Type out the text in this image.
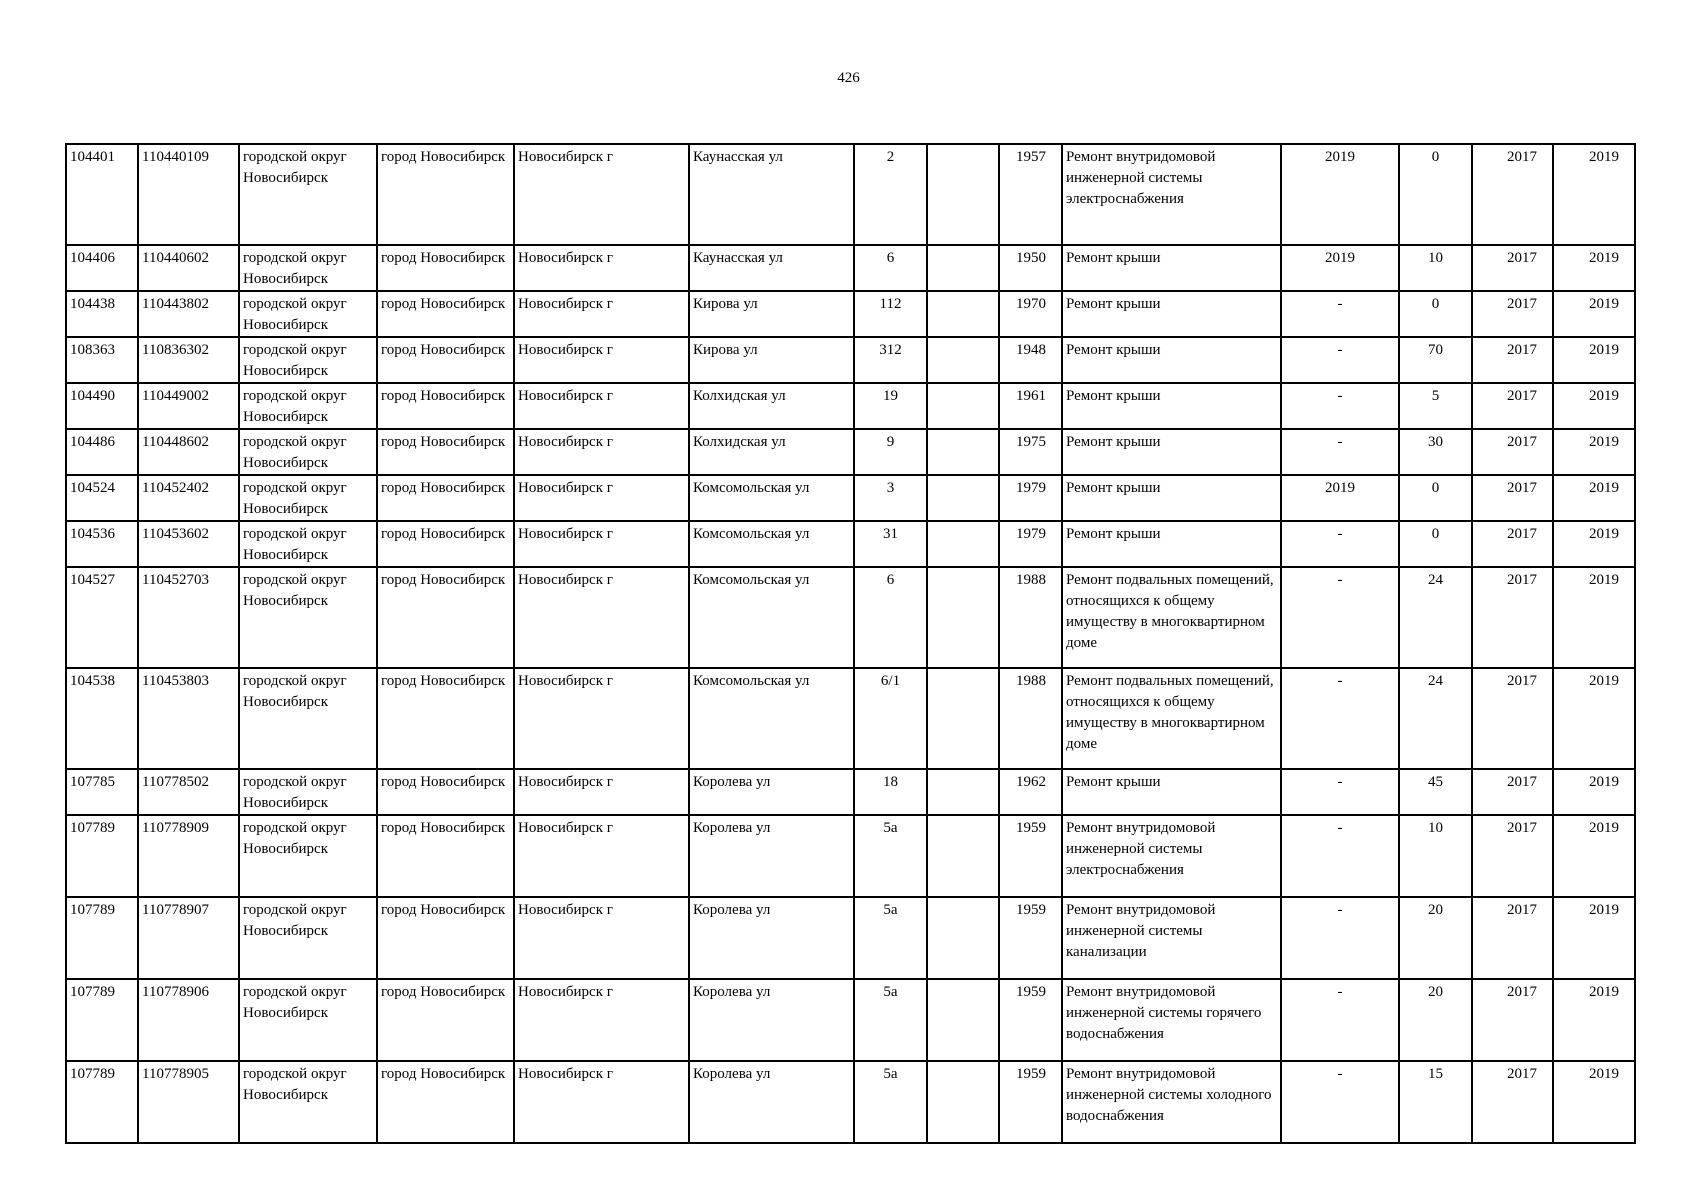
426
104401	110440109	городской округ Новосибирск	город Новосибирск	Новосибирск г	Каунасская ул	2		1957	Ремонт внутридомовой инженерной системы электроснабжения	2019	0	2017	2019
104406	110440602	городской округ Новосибирск	город Новосибирск	Новосибирск г	Каунасская ул	6		1950	Ремонт крыши	2019	10	2017	2019
104438	110443802	городской округ Новосибирск	город Новосибирск	Новосибирск г	Кирова ул	112		1970	Ремонт крыши	-	0	2017	2019
108363	110836302	городской округ Новосибирск	город Новосибирск	Новосибирск г	Кирова ул	312		1948	Ремонт крыши	-	70	2017	2019
104490	110449002	городской округ Новосибирск	город Новосибирск	Новосибирск г	Колхидская ул	19		1961	Ремонт крыши	-	5	2017	2019
104486	110448602	городской округ Новосибирск	город Новосибирск	Новосибирск г	Колхидская ул	9		1975	Ремонт крыши	-	30	2017	2019
104524	110452402	городской округ Новосибирск	город Новосибирск	Новосибирск г	Комсомольская ул	3		1979	Ремонт крыши	2019	0	2017	2019
104536	110453602	городской округ Новосибирск	город Новосибирск	Новосибирск г	Комсомольская ул	31		1979	Ремонт крыши	-	0	2017	2019
104527	110452703	городской округ Новосибирск	город Новосибирск	Новосибирск г	Комсомольская ул	6		1988	Ремонт подвальных помещений, относящихся к общему имуществу в многоквартирном доме	-	24	2017	2019
104538	110453803	городской округ Новосибирск	город Новосибирск	Новосибирск г	Комсомольская ул	6/1		1988	Ремонт подвальных помещений, относящихся к общему имуществу в многоквартирном доме	-	24	2017	2019
107785	110778502	городской округ Новосибирск	город Новосибирск	Новосибирск г	Королева ул	18		1962	Ремонт крыши	-	45	2017	2019
107789	110778909	городской округ Новосибирск	город Новосибирск	Новосибирск г	Королева ул	5а		1959	Ремонт внутридомовой инженерной системы электроснабжения	-	10	2017	2019
107789	110778907	городской округ Новосибирск	город Новосибирск	Новосибирск г	Королева ул	5а		1959	Ремонт внутридомовой инженерной системы канализации	-	20	2017	2019
107789	110778906	городской округ Новосибирск	город Новосибирск	Новосибирск г	Королева ул	5а		1959	Ремонт внутридомовой инженерной системы горячего водоснабжения	-	20	2017	2019
107789	110778905	городской округ Новосибирск	город Новосибирск	Новосибирск г	Королева ул	5а		1959	Ремонт внутридомовой инженерной системы холодного водоснабжения	-	15	2017	2019
